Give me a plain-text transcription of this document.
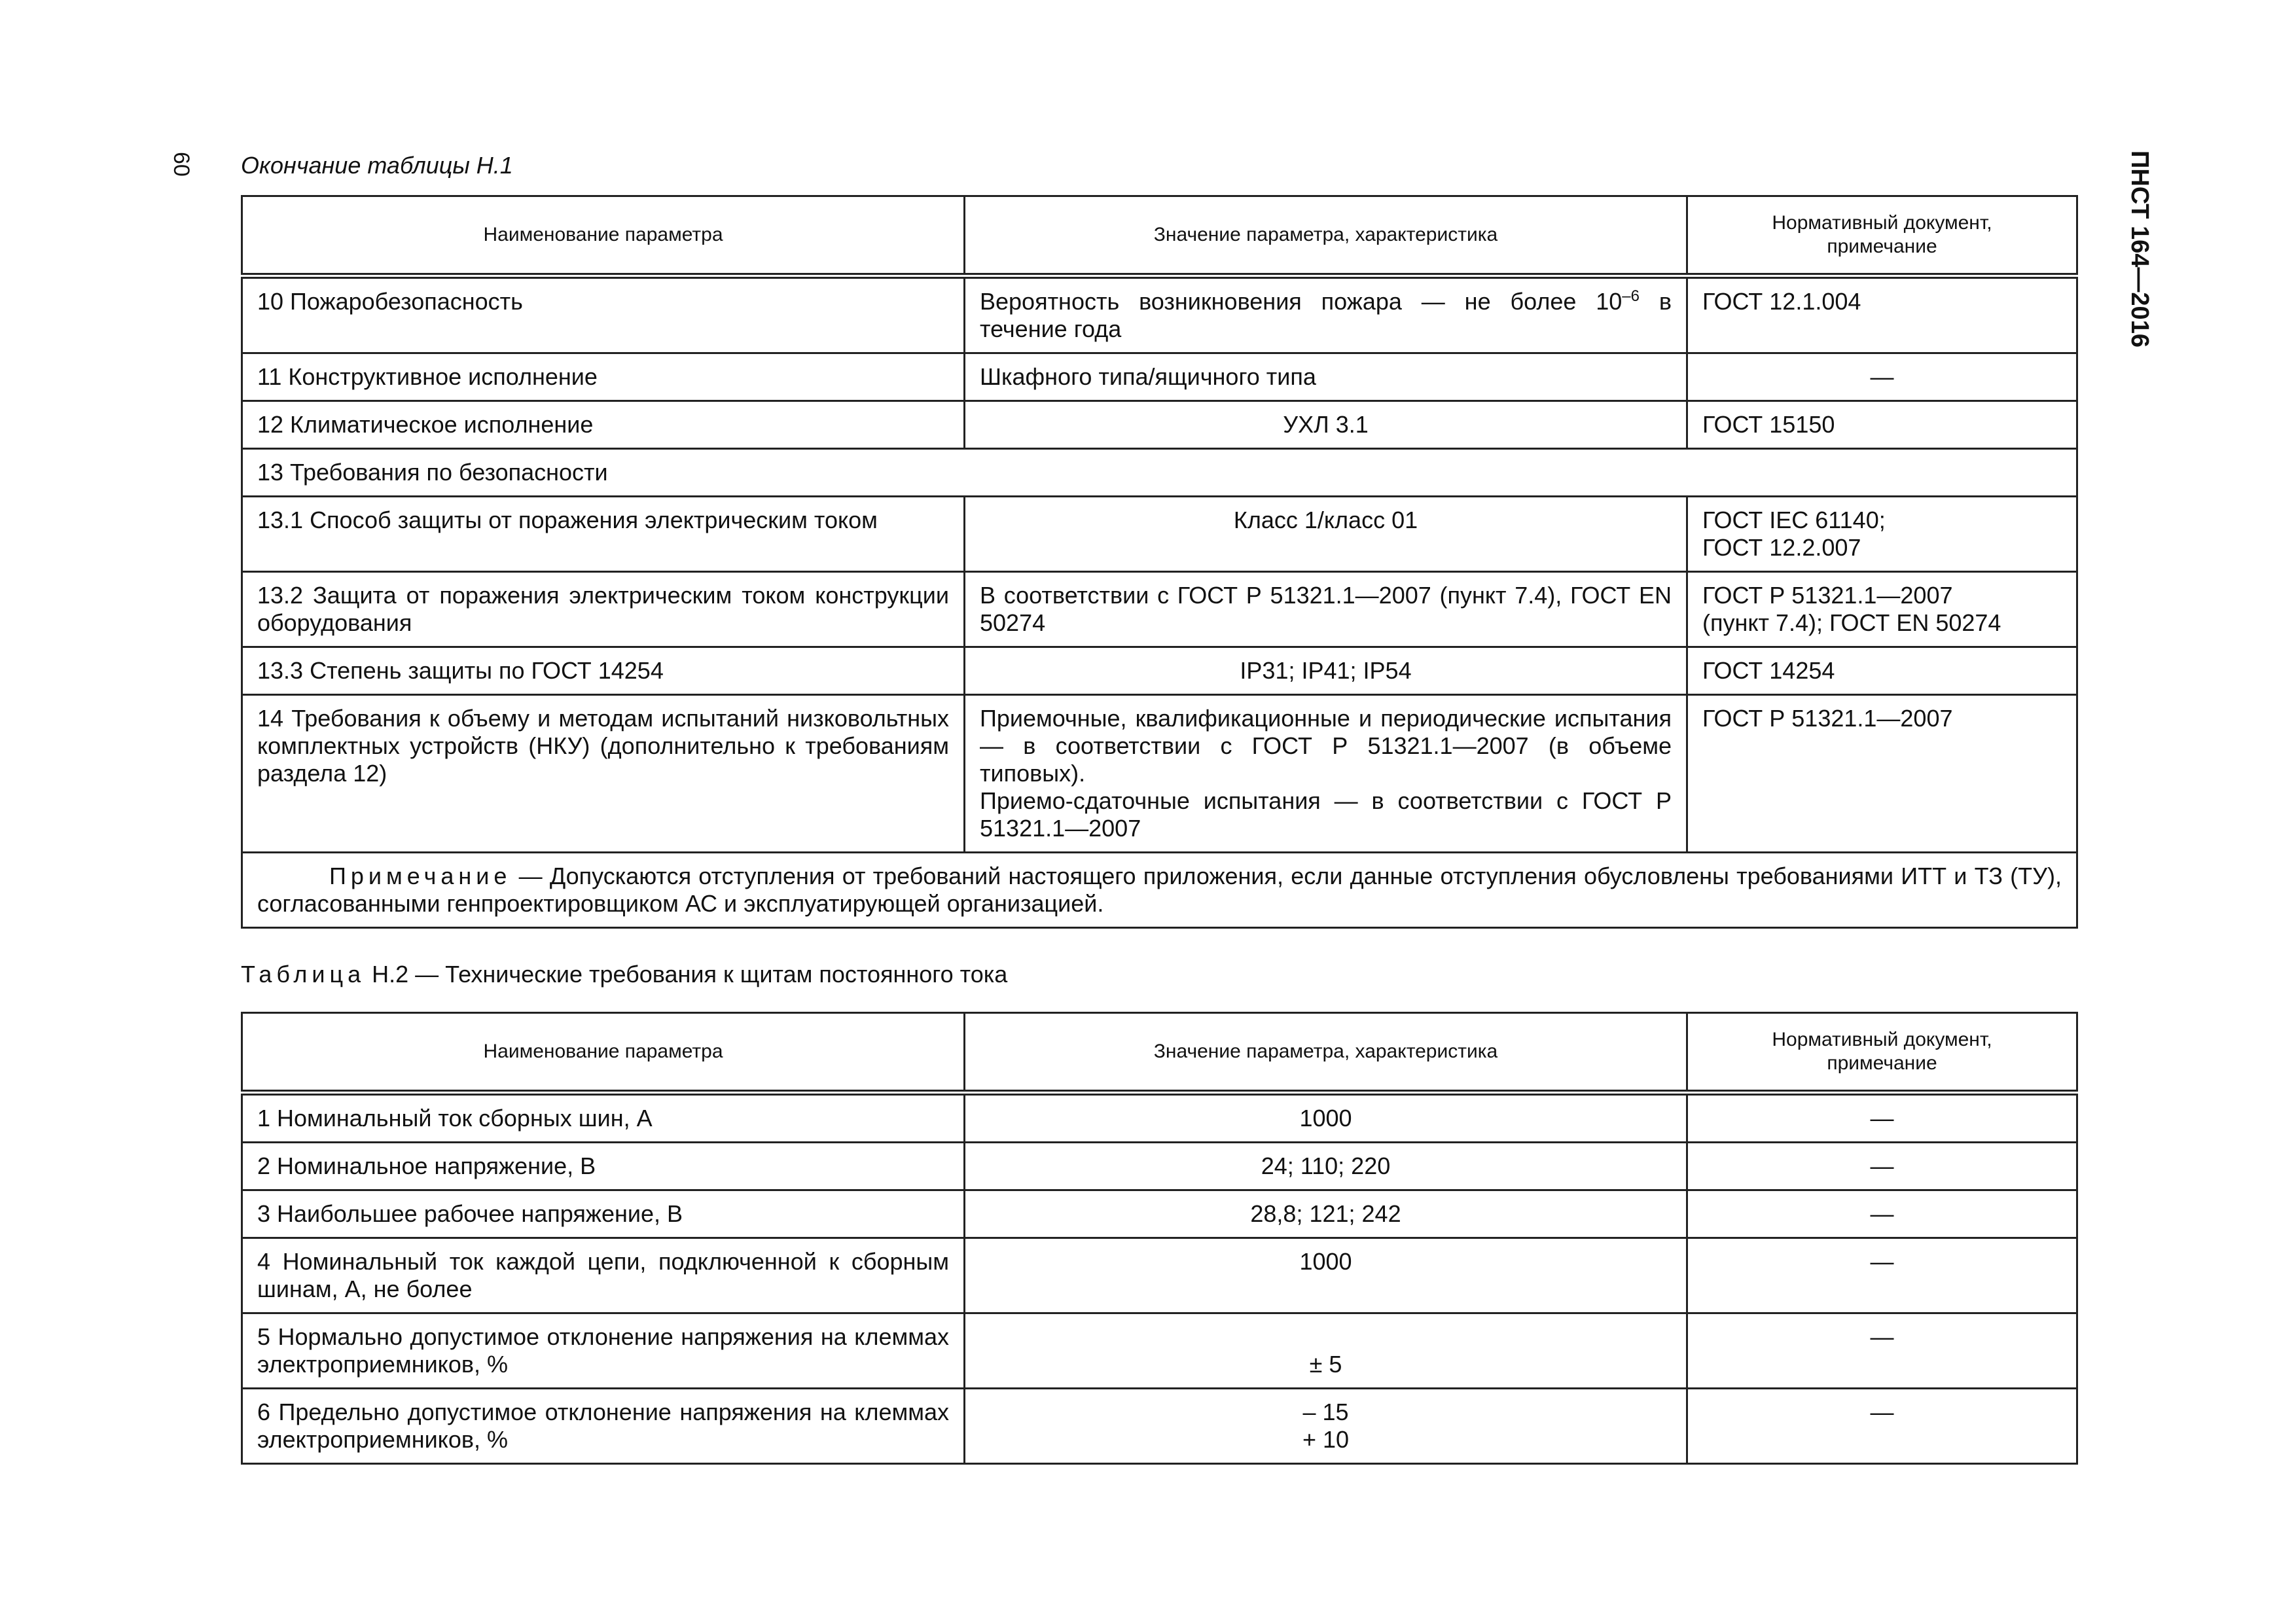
60	ПНСТ 164—2016
Окончание таблицы Н.1
Наименование параметра	Значение параметра, характеристика	Нормативный документ,
примечание
10 Пожаробезопасность	Вероятность возникновения пожара — не более $10^{-6}$ в течение года	ГОСТ 12.1.004
11 Конструктивное исполнение	Шкафного типа/ящичного типа	—
12 Климатическое исполнение	УХЛ 3.1	ГОСТ 15150
13 Требования по безопасности		
13.1 Способ защиты от поражения электрическим током	Класс 1/класс 01	ГОСТ IEC 61140;
ГОСТ 12.2.007

13.2 Защита от поражения электрическим током конструкции оборудования	В соответствии с ГОСТ Р 51321.1—2007 (пункт 7.4), ГОСТ EN 50274	ГОСТ Р 51321.1—2007
(пункт 7.4); ГОСТ EN 50274

13.3 Степень защиты по ГОСТ 14254	IP31; IP41; IP54	ГОСТ 14254
14 Требования к объему и методам испытаний низковольтных комплектных устройств (НКУ) (дополнительно к требованиям раздела 12)	Приемочные, квалификационные и периодические испытания — в соответствии с ГОСТ Р 51321.1—2007 (в объеме типовых).
Приемо-сдаточные испытания — в соответствии с ГОСТ Р 51321.1—2007	ГОСТ Р 51321.1—2007
Примечание — Допускаются отступления от требований настоящего приложения, если данные отступления обусловлены требованиями ИТТ и ТЗ (ТУ), согласованными генпроектировщиком АС и эксплуатирующей организацией.		
Таблица Н.2 — Технические требования к щитам постоянного тока
Наименование параметра	Значение параметра, характеристика	Нормативный документ,
примечание
1 Номинальный ток сборных шин, А	1000	—
2 Номинальное напряжение, В	24; 110; 220	—
3 Наибольшее рабочее напряжение, В	28,8; 121; 242	—
4 Номинальный ток каждой цепи, подключенной к сборным шинам, А, не более	1000	—
5 Нормально допустимое отклонение напряжения на клеммах электроприемников, %	± 5	—
6 Предельно допустимое отклонение напряжения на клеммах электроприемников, %	– 15
+ 10	—
